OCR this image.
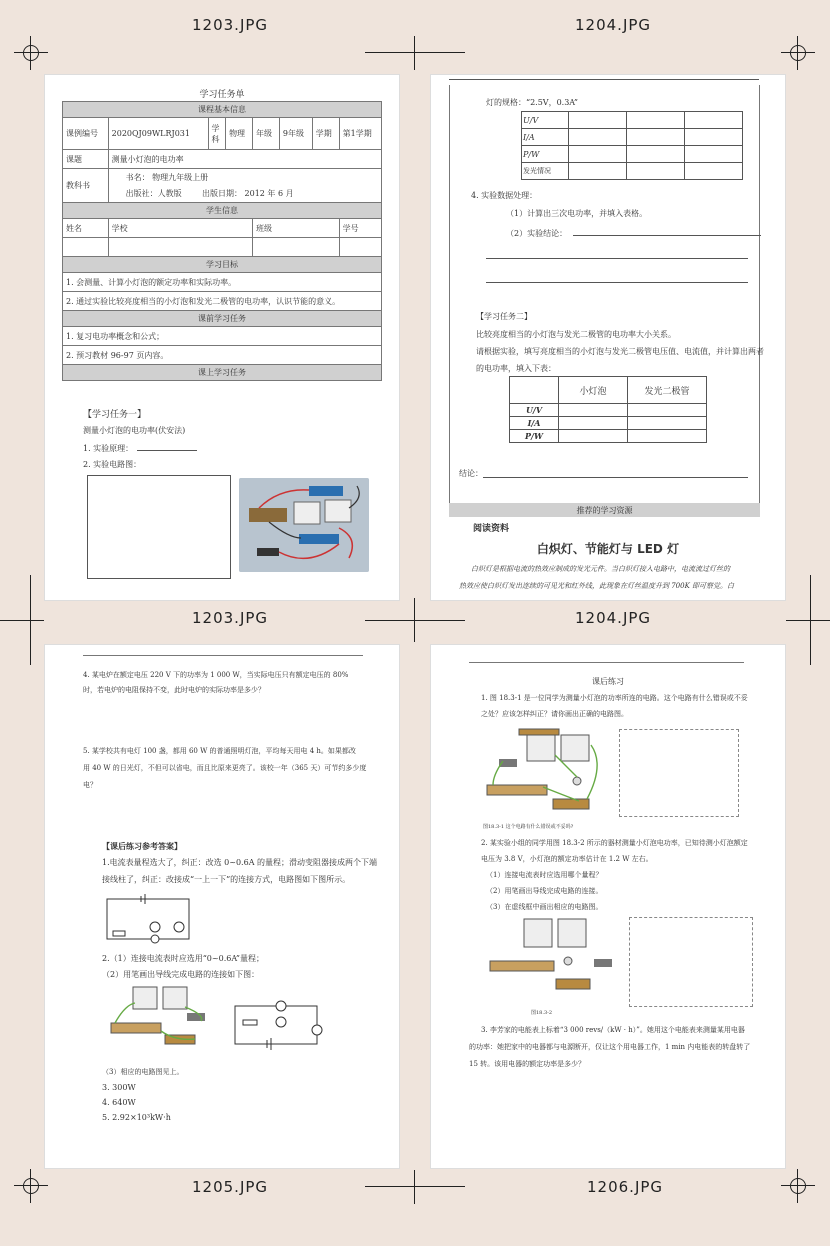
1203.JPG	1204.JPG
1203.JPG	1204.JPG
1205.JPG	1206.JPG
学习任务单
课程基本信息							
课例编号	2020QJ09WLRJ031	学
科	物理	年级	9年级	学期	第1学期
课题	测量小灯泡的电功率						
教科书	书名： 物理九年级上册
出版社：人教版 出版日期： 2012 年 6 月						

学生信息							
姓名	学校			班级			学号

学习目标							
1. 会测量、计算小灯泡的额定功率和实际功率。							
2. 通过实验比较亮度相当的小灯泡和发光二极管的电功率，认识节能的意义。							
课前学习任务							
1. 复习电功率概念和公式；							
2. 预习教材 96-97 页内容。							
课上学习任务							
【学习任务一】
测量小灯泡的电功率(伏安法)
1. 实验原理：
2. 实验电路图：
灯的规格：“2.5V，0.3A”
U/V			
I/A			
P/W			
发光情况			
4. 实验数据处理：
（1）计算出三次电功率，并填入表格。
（2）实验结论：
【学习任务二】
比较亮度相当的小灯泡与发光二极管的电功率大小关系。
请根据实验，填写亮度相当的小灯泡与发光二极管电压值、电流值，并计算出两者
的电功率，填入下表：
	小灯泡	发光二极管
U/V		
I/A		
P/W		
结论：
推荐的学习资源
阅读资料
白炽灯、节能灯与 LED 灯
白炽灯是根据电流的热效应制成的发光元件。当白炽灯接入电路中，电流流过灯丝的
热效应使白炽灯发出连续的可见光和红外线，此现象在灯丝温度升到 700K 即可察觉。白
4. 某电炉在额定电压 220 V 下的功率为 1 000 W，当实际电压只有额定电压的 80%
时，若电炉的电阻保持不变，此时电炉的实际功率是多少？
5. 某学校共有电灯 100 盏，都用 60 W 的普通照明灯泡，平均每天用电 4 h。如果都改
用 40 W 的日光灯，不但可以省电，而且比原来更亮了。该校一年（365 天）可节约多少度
电？
【课后练习参考答案】
1.电流表量程选大了，纠正：改选 0~0.6A 的量程；滑动变阻器接成两个下端
接线柱了，纠正：改接成“一上一下”的连接方式，电路图如下图所示。
2.（1）连接电流表时应选用“0~0.6A”量程；
（2）用笔画出导线完成电路的连接如下图：
（3）相应的电路图见上。
3. 300W
4. 640W
5. 2.92×10³kW·h
课后练习
1. 图 18.3-1 是一位同学为测量小灯泡的功率所连的电路。这个电路有什么错误或不妥
之处？应该怎样纠正？请你画出正确的电路图。
图18.3-1 这个电路有什么错误或不妥吗?
2. 某实验小组的同学用图 18.3-2 所示的器材测量小灯泡电功率，已知待测小灯泡额定
电压为 3.8 V，小灯泡的额定功率估计在 1.2 W 左右。
（1）连接电流表时应选用哪个量程？
（2）用笔画出导线完成电路的连接。
（3）在虚线框中画出相应的电路图。
图18.3-2
3. 李芳家的电能表上标着“3 000 revs/（kW · h）”。她用这个电能表来测量某用电器
的功率：她把家中的电器都与电源断开，仅让这个用电器工作，1 min 内电能表的转盘转了
15 转。该用电器的额定功率是多少？
